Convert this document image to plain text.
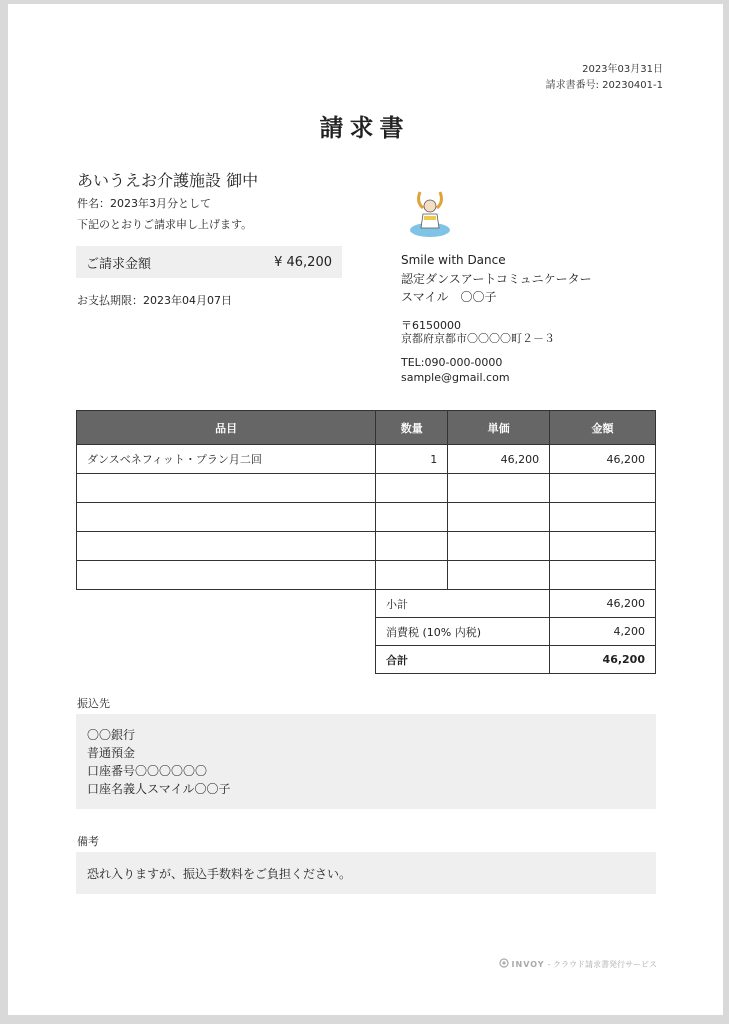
2023年03月31日
請求書番号: 20230401-1
請求書
あいうえお介護施設 御中
件名：2023年3月分として
下記のとおりご請求申し上げます。
ご請求金額	¥ 46,200
お支払期限：2023年04月07日
Smile with Dance
認定ダンスアートコミュニケーター
スマイル　〇〇子
〒6150000
京都府京都市〇〇〇〇町２－３
TEL:090-000-0000
sample@gmail.com
品目	数量	単価	金額
ダンスベネフィット・プラン月二回	1	46,200	46,200

小計	46,200
消費税 (10% 内税)	4,200
合計	46,200
振込先
〇〇銀行
普通預金
口座番号〇〇〇〇〇〇
口座名義人スマイル〇〇子
備考
恐れ入りますが、振込手数料をご負担ください。
INVOY - クラウド請求書発行サービス
